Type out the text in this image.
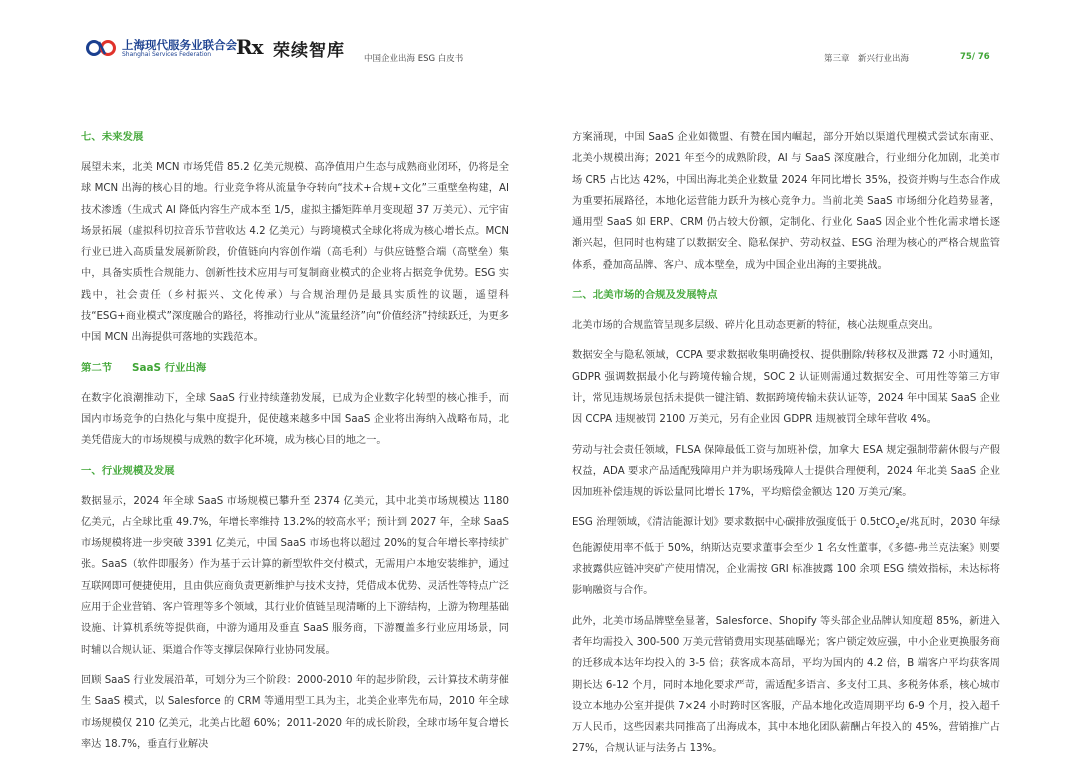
上海现代服务业联合会
Shanghai Services Federation Rx 荣续智库 中国企业出海 ESG 白皮书	第三章　新兴行业出海	75/ 76
七、未来发展

展望未来，北美 MCN 市场凭借 85.2 亿美元规模、高净值用户生态与成熟商业闭环，仍将是全球 MCN 出海的核心目的地。行业竞争将从流量争夺转向“技术+合规+文化”三重壁垒构建，AI 技术渗透（生成式 AI 降低内容生产成本至 1/5，虚拟主播矩阵单月变现超 37 万美元）、元宇宙场景拓展（虚拟科切拉音乐节营收达 4.2 亿美元）与跨境模式全球化将成为核心增长点。MCN 行业已进入高质量发展新阶段，价值链向内容创作端（高毛利）与供应链整合端（高壁垒）集中，具备实质性合规能力、创新性技术应用与可复制商业模式的企业将占据竞争优势。ESG 实践中，社会责任（乡村振兴、文化传承）与合规治理仍是最具实质性的议题，遥望科技“ESG+商业模式”深度融合的路径，将推动行业从“流量经济”向“价值经济”持续跃迁，为更多中国 MCN 出海提供可落地的实践范本。

第二节 SaaS 行业出海

在数字化浪潮推动下，全球 SaaS 行业持续蓬勃发展，已成为企业数字化转型的核心推手，而国内市场竞争的白热化与集中度提升，促使越来越多中国 SaaS 企业将出海纳入战略布局，北美凭借庞大的市场规模与成熟的数字化环境，成为核心目的地之一。

一、行业规模及发展

数据显示，2024 年全球 SaaS 市场规模已攀升至 2374 亿美元，其中北美市场规模达 1180 亿美元，占全球比重 49.7%，年增长率维持 13.2%的较高水平；预计到 2027 年，全球 SaaS 市场规模将进一步突破 3391 亿美元，中国 SaaS 市场也将以超过 20%的复合年增长率持续扩张。SaaS（软件即服务）作为基于云计算的新型软件交付模式，无需用户本地安装维护，通过互联网即可便捷使用，且由供应商负责更新维护与技术支持，凭借成本优势、灵活性等特点广泛应用于企业营销、客户管理等多个领域，其行业价值链呈现清晰的上下游结构，上游为物理基础设施、计算机系统等提供商，中游为通用及垂直 SaaS 服务商，下游覆盖多行业应用场景，同时辅以合规认证、渠道合作等支撑层保障行业协同发展。

回顾 SaaS 行业发展沿革，可划分为三个阶段：2000-2010 年的起步阶段，云计算技术萌芽催生 SaaS 模式，以 Salesforce 的 CRM 等通用型工具为主，北美企业率先布局，2010 年全球市场规模仅 210 亿美元，北美占比超 60%；2011-2020 年的成长阶段，全球市场年复合增长率达 18.7%，垂直行业解决

方案涌现，中国 SaaS 企业如微盟、有赞在国内崛起，部分开始以渠道代理模式尝试东南亚、北美小规模出海；2021 年至今的成熟阶段，AI 与 SaaS 深度融合，行业细分化加剧，北美市场 CR5 占比达 42%，中国出海北美企业数量 2024 年同比增长 35%，投资并购与生态合作成为重要拓展路径，本地化运营能力跃升为核心竞争力。当前北美 SaaS 市场细分化趋势显著，通用型 SaaS 如 ERP、CRM 仍占较大份额，定制化、行业化 SaaS 因企业个性化需求增长逐渐兴起，但同时也构建了以数据安全、隐私保护、劳动权益、ESG 治理为核心的严格合规监管体系，叠加高品牌、客户、成本壁垒，成为中国企业出海的主要挑战。

二、北美市场的合规及发展特点

北美市场的合规监管呈现多层级、碎片化且动态更新的特征，核心法规重点突出。

数据安全与隐私领域，CCPA 要求数据收集明确授权、提供删除/转移权及泄露 72 小时通知，GDPR 强调数据最小化与跨境传输合规，SOC 2 认证则需通过数据安全、可用性等第三方审计，常见违规场景包括未提供一键注销、数据跨境传输未获认证等，2024 年中国某 SaaS 企业因 CCPA 违规被罚 2100 万美元，另有企业因 GDPR 违规被罚全球年营收 4%。

劳动与社会责任领域，FLSA 保障最低工资与加班补偿，加拿大 ESA 规定强制带薪休假与产假权益，ADA 要求产品适配残障用户并为职场残障人士提供合理便利，2024 年北美 SaaS 企业因加班补偿违规的诉讼量同比增长 17%，平均赔偿金额达 120 万美元/案。

ESG 治理领域，《清洁能源计划》要求数据中心碳排放强度低于 0.5tCO$_2$e/兆瓦时，2030 年绿色能源使用率不低于 50%，纳斯达克要求董事会至少 1 名女性董事，《多德-弗兰克法案》则要求披露供应链冲突矿产使用情况，企业需按 GRI 标准披露 100 余项 ESG 绩效指标，未达标将影响融资与合作。

此外，北美市场品牌壁垒显著，Salesforce、Shopify 等头部企业品牌认知度超 85%，新进入者年均需投入 300-500 万美元营销费用实现基础曝光；客户锁定效应强，中小企业更换服务商的迁移成本达年均投入的 3-5 倍；获客成本高昂，平均为国内的 4.2 倍，B 端客户平均获客周期长达 6-12 个月，同时本地化要求严苛，需适配多语言、多支付工具、多税务体系，核心城市设立本地办公室并提供 7×24 小时跨时区客服，产品本地化改造周期平均 6-9 个月，投入超千万人民币，这些因素共同推高了出海成本，其中本地化团队薪酬占年投入的 45%，营销推广占 27%，合规认证与法务占 13%。
